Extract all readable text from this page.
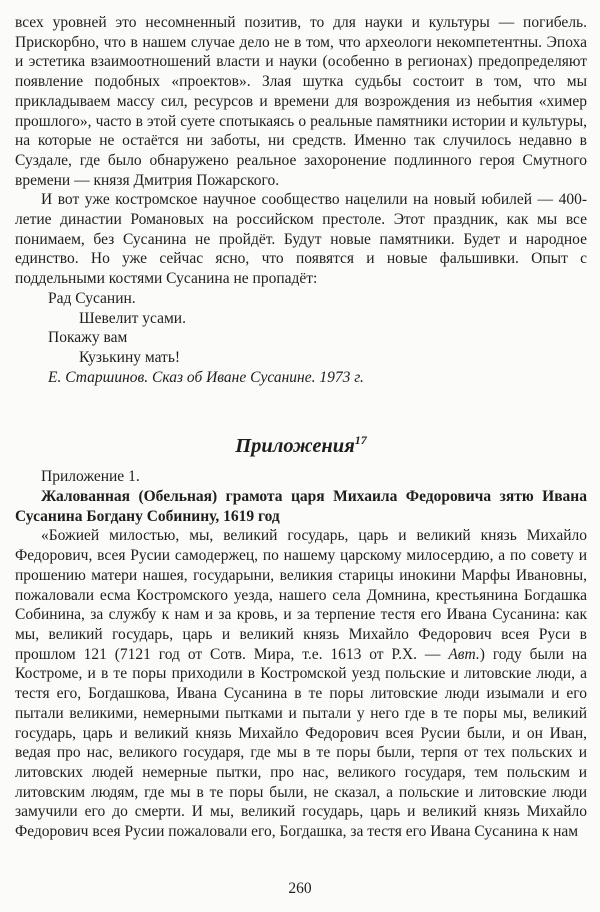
всех уровней это несомненный позитив, то для науки и культуры — погибель. Прискорбно, что в нашем случае дело не в том, что археологи некомпетентны. Эпоха и эстетика взаимоотношений власти и науки (особенно в регионах) предопределяют появление подобных «проектов». Злая шутка судьбы состоит в том, что мы прикладываем массу сил, ресурсов и времени для возрождения из небытия «химер прошлого», часто в этой суете спотыкаясь о реальные памятники истории и культуры, на которые не остаётся ни заботы, ни средств. Именно так случилось недавно в Суздале, где было обнаружено реальное захоронение подлинного героя Смутного времени — князя Дмитрия Пожарского.

И вот уже костромское научное сообщество нацелили на новый юбилей — 400-летие династии Романовых на российском престоле. Этот праздник, как мы все понимаем, без Сусанина не пройдёт. Будут новые памятники. Будет и народное единство. Но уже сейчас ясно, что появятся и новые фальшивки. Опыт с поддельными костями Сусанина не пропадёт:

Рад Сусанин.
Шевелит усами.
Покажу вам
Кузькину мать!
Е. Старшинов. Сказ об Иване Сусанине. 1973 г.
Приложения$^{17}$

Приложение 1.

Жалованная (Обельная) грамота царя Михаила Федоровича зятю Ивана Сусанина Богдану Собинину, 1619 год

«Божией милостью, мы, великий государь, царь и великий князь Михайло Федорович, всея Русии самодержец, по нашему царскому милосердию, а по совету и прошению матери нашея, государыни, великия старицы инокини Марфы Ивановны, пожаловали есма Костромского уезда, нашего села Домнина, крестьянина Богдашка Собинина, за службу к нам и за кровь, и за терпение тестя его Ивана Сусанина: как мы, великий государь, царь и великий князь Михайло Федорович всея Руси в прошлом 121 (7121 год от Сотв. Мира, т.е. 1613 от Р.Х. — Авт.) году были на Костроме, и в те поры приходили в Костромской уезд польские и литовские люди, а тестя его, Богдашкова, Ивана Сусанина в те поры литовские люди изымали и его пытали великими, немерными пытками и пытали у него где в те поры мы, великий государь, царь и великий князь Михайло Федорович всея Русии были, и он Иван, ведая про нас, великого государя, где мы в те поры были, терпя от тех польских и литовских людей немерные пытки, про нас, великого государя, тем польским и литовским людям, где мы в те поры были, не сказал, а польские и литовские люди замучили его до смерти. И мы, великий государь, царь и великий князь Михайло Федорович всея Русии пожаловали его, Богдашка, за тестя его Ивана Сусанина к нам

260
